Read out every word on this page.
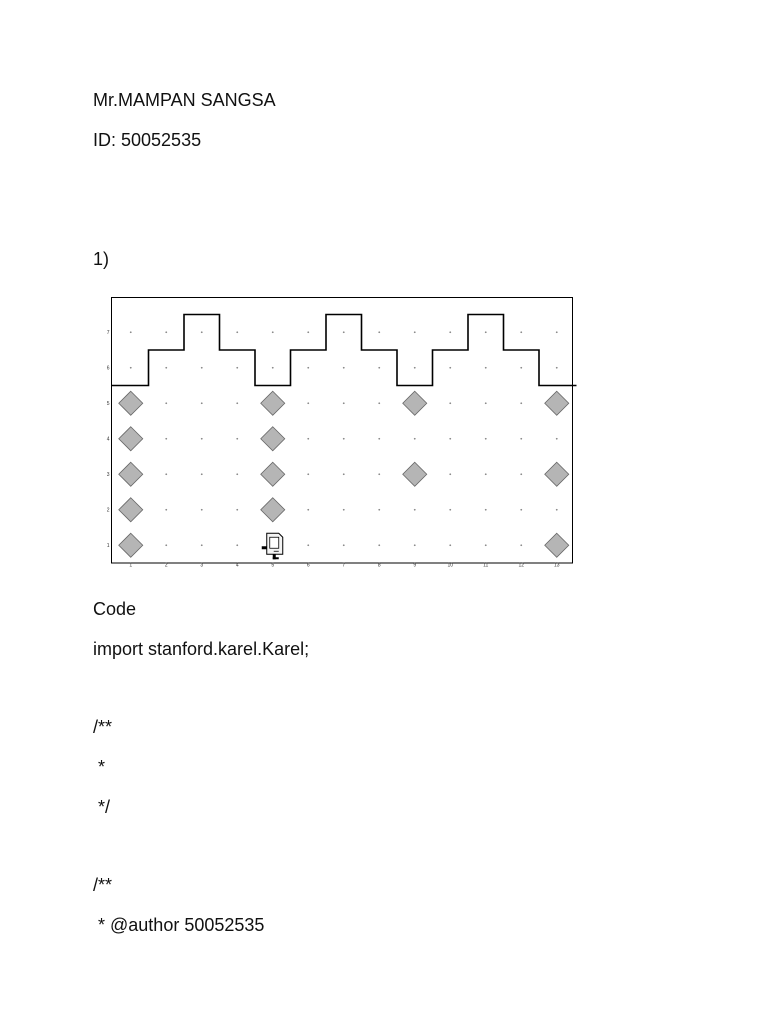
Mr.MAMPAN SANGSA
ID: 50052535
1)
1	2	3	4	5	6	7	8	9	10	11	12	13
1
2
3
4
5
6
7
Code
import stanford.karel.Karel;
/**
*
*/
/**
* @author 50052535
